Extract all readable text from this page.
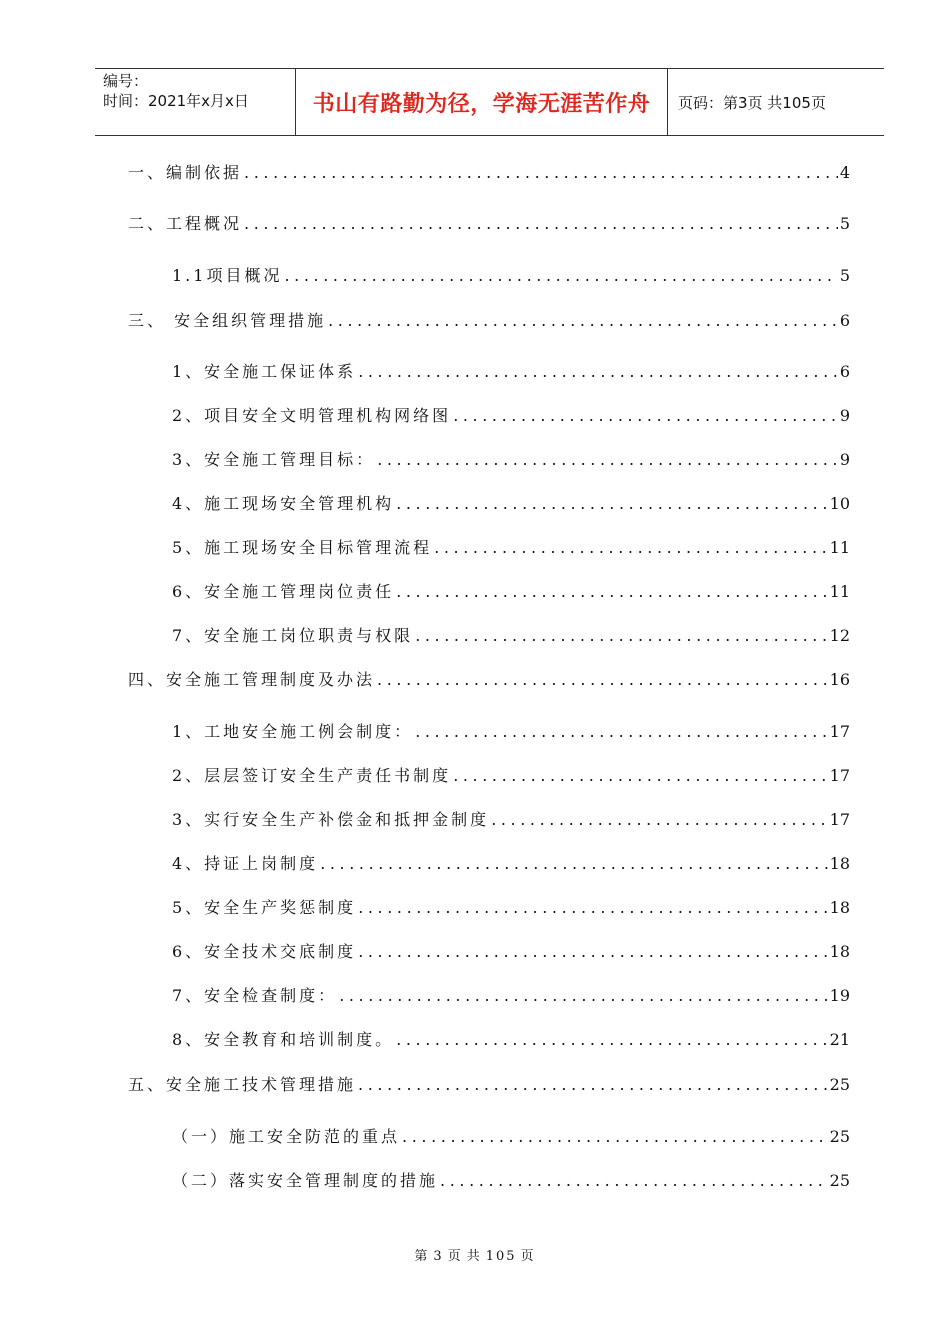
编号：
时间：2021年x月x日	书山有路勤为径，学海无涯苦作舟	页码：第3页 共105页
一、编制依据 .....	4
二、工程概况 .....	5
1.1项目概况 .....	5
三、 安全组织管理措施 .....	6
1、安全施工保证体系 .....	6
2、项目安全文明管理机构网络图 .....	9
3、安全施工管理目标： .....	9
4、施工现场安全管理机构 .....	10
5、施工现场安全目标管理流程 .....	11
6、安全施工管理岗位责任 .....	11
7、安全施工岗位职责与权限 .....	12
四、安全施工管理制度及办法 .....	16
1、工地安全施工例会制度： .....	17
2、层层签订安全生产责任书制度 .....	17
3、实行安全生产补偿金和抵押金制度 .....	17
4、持证上岗制度 .....	18
5、安全生产奖惩制度 .....	18
6、安全技术交底制度 .....	18
7、安全检查制度： .....	19
8、安全教育和培训制度。 .....	21
五、安全施工技术管理措施 .....	25
（一）施工安全防范的重点 .....	25
（二）落实安全管理制度的措施 .....	25
第 3 页 共 105 页
